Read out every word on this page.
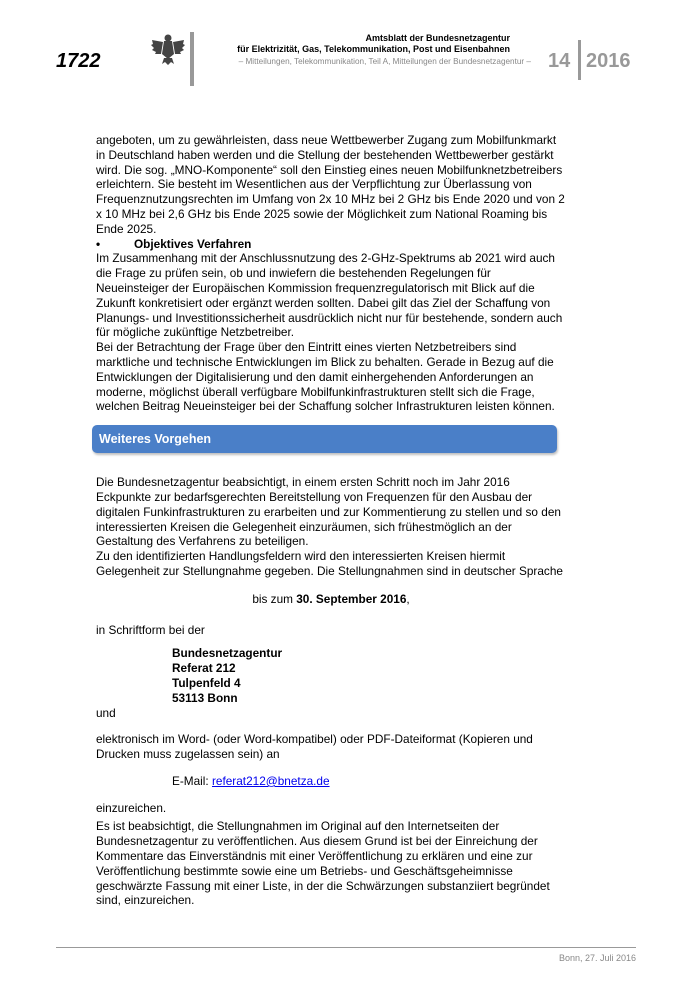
1722
Amtsblatt der Bundesnetzagentur
für Elektrizität, Gas, Telekommunikation, Post und Eisenbahnen
– Mitteilungen, Telekommunikation, Teil A, Mitteilungen der Bundesnetzagentur – 14 2016

angeboten, um zu gewährleisten, dass neue Wettbewerber Zugang zum Mobilfunkmarkt in Deutschland haben werden und die Stellung der bestehenden Wettbewerber gestärkt wird. Die sog. „MNO-Komponente“ soll den Einstieg eines neuen Mobilfunknetzbetreibers erleichtern. Sie besteht im Wesentlichen aus der Verpflichtung zur Überlassung von Frequenznutzungsrechten im Umfang von 2x 10 MHz bei 2 GHz bis Ende 2020 und von 2 x 10 MHz bei 2,6 GHz bis Ende 2025 sowie der Möglichkeit zum National Roaming bis Ende 2025.

•	Objektives Verfahren

Im Zusammenhang mit der Anschlussnutzung des 2-GHz-Spektrums ab 2021 wird auch die Frage zu prüfen sein, ob und inwiefern die bestehenden Regelungen für Neueinsteiger der Europäischen Kommission frequenzregulatorisch mit Blick auf die Zukunft konkretisiert oder ergänzt werden sollten. Dabei gilt das Ziel der Schaffung von Planungs- und Investitionssicherheit ausdrücklich nicht nur für bestehende, sondern auch für mögliche zukünftige Netzbetreiber.

Bei der Betrachtung der Frage über den Eintritt eines vierten Netzbetreibers sind marktliche und technische Entwicklungen im Blick zu behalten. Gerade in Bezug auf die Entwicklungen der Digitalisierung und den damit einhergehenden Anforderungen an moderne, möglichst überall verfügbare Mobilfunkinfrastrukturen stellt sich die Frage, welchen Beitrag Neueinsteiger bei der Schaffung solcher Infrastrukturen leisten können.

Weiteres Vorgehen

Die Bundesnetzagentur beabsichtigt, in einem ersten Schritt noch im Jahr 2016 Eckpunkte zur bedarfsgerechten Bereitstellung von Frequenzen für den Ausbau der digitalen Funkinfrastrukturen zu erarbeiten und zur Kommentierung zu stellen und so den interessierten Kreisen die Gelegenheit einzuräumen, sich frühestmöglich an der Gestaltung des Verfahrens zu beteiligen.

Zu den identifizierten Handlungsfeldern wird den interessierten Kreisen hiermit Gelegenheit zur Stellungnahme gegeben. Die Stellungnahmen sind in deutscher Sprache

bis zum 30. September 2016,

in Schriftform bei der

Bundesnetzagentur
Referat 212
Tulpenfeld 4
53113 Bonn

und

elektronisch im Word- (oder Word-kompatibel) oder PDF-Dateiformat (Kopieren und Drucken muss zugelassen sein) an

E-Mail: referat212@bnetza.de

einzureichen.

Es ist beabsichtigt, die Stellungnahmen im Original auf den Internetseiten der Bundesnetzagentur zu veröffentlichen. Aus diesem Grund ist bei der Einreichung der Kommentare das Einverständnis mit einer Veröffentlichung zu erklären und eine zur Veröffentlichung bestimmte sowie eine um Betriebs- und Geschäftsgeheimnisse geschwärzte Fassung mit einer Liste, in der die Schwärzungen substanziiert begründet sind, einzureichen.

Bonn, 27. Juli 2016
